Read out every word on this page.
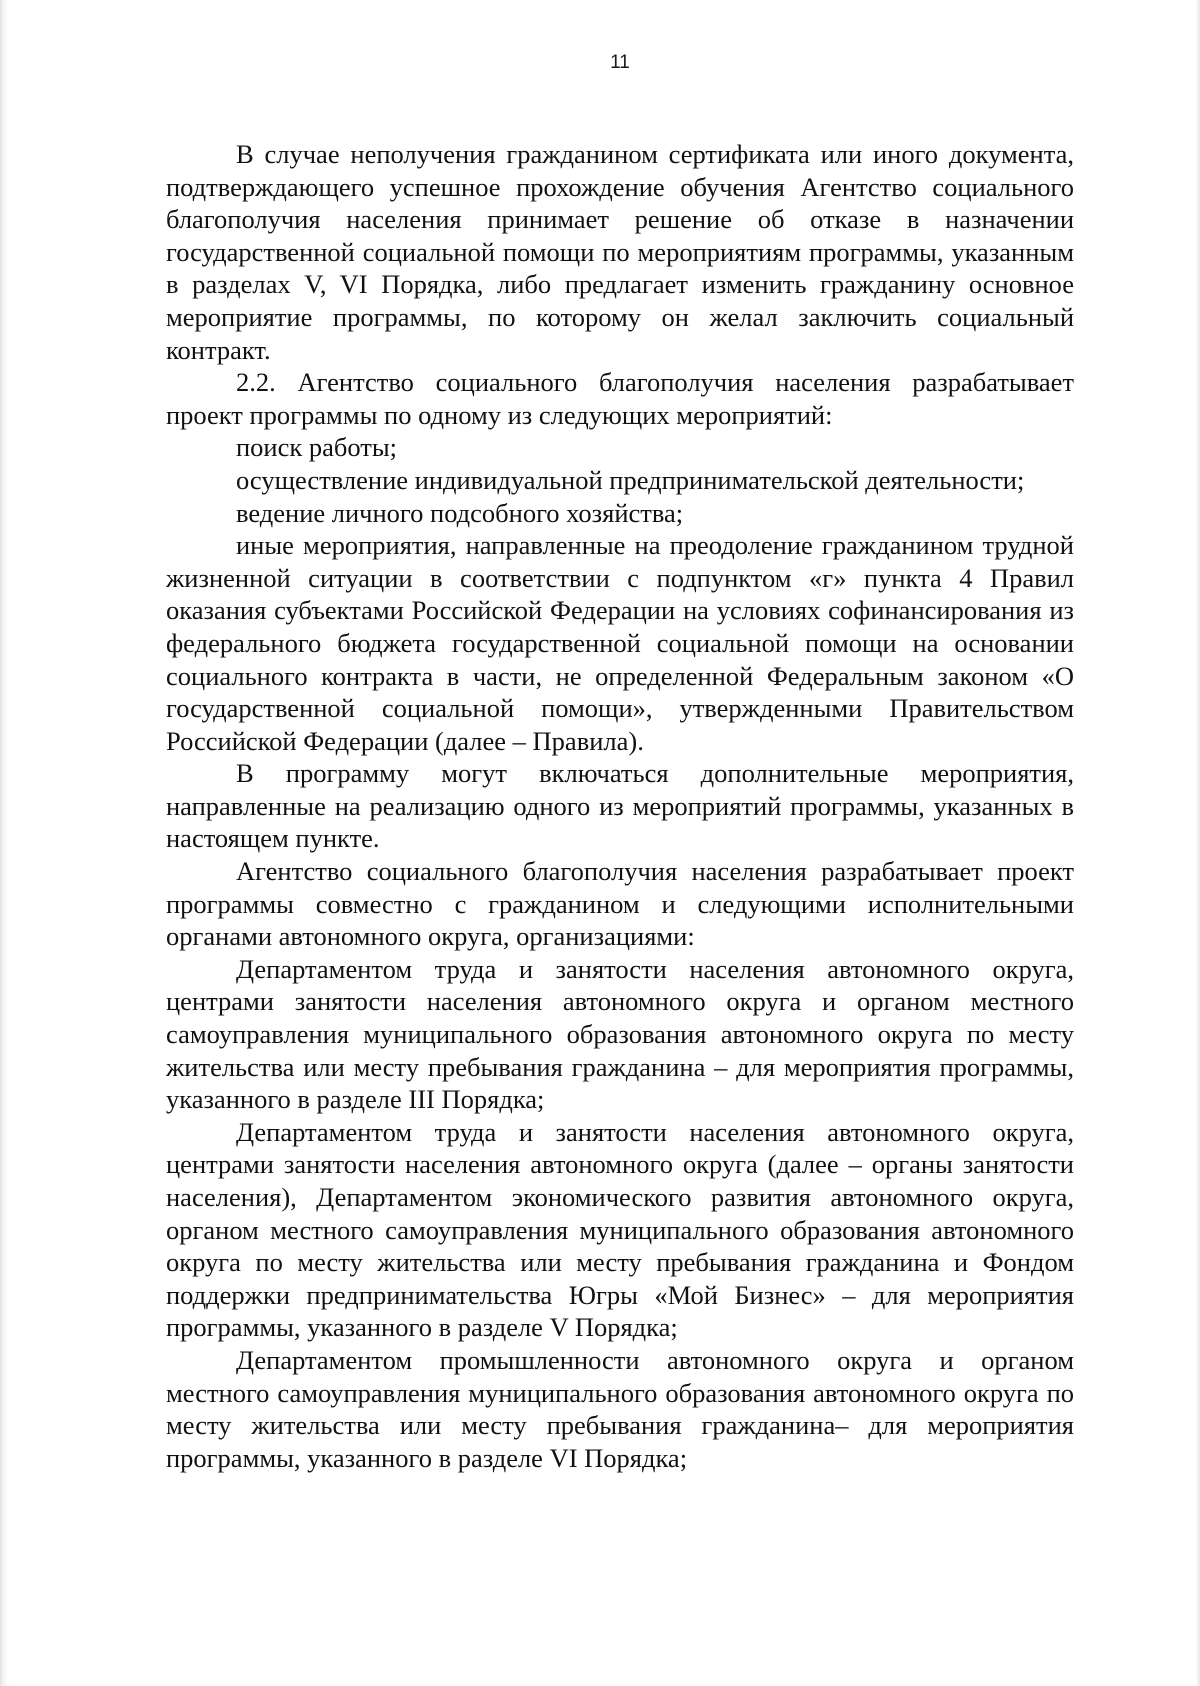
11

В случае неполучения гражданином сертификата или иного документа, подтверждающего успешное прохождение обучения Агентство социального благополучия населения принимает решение об отказе в назначении государственной социальной помощи по мероприятиям программы, указанным в разделах V, VI Порядка, либо предлагает изменить гражданину основное мероприятие программы, по которому он желал заключить социальный контракт.

2.2. Агентство социального благополучия населения разрабатывает проект программы по одному из следующих мероприятий:

поиск работы;

осуществление индивидуальной предпринимательской деятельности;

ведение личного подсобного хозяйства;

иные мероприятия, направленные на преодоление гражданином трудной жизненной ситуации в соответствии с подпунктом «г» пункта 4 Правил оказания субъектами Российской Федерации на условиях софинансирования из федерального бюджета государственной социальной помощи на основании социального контракта в части, не определенной Федеральным законом «О государственной социальной помощи», утвержденными Правительством Российской Федерации (далее – Правила).

В программу могут включаться дополнительные мероприятия, направленные на реализацию одного из мероприятий программы, указанных в настоящем пункте.

Агентство социального благополучия населения разрабатывает проект программы совместно с гражданином и следующими исполнительными органами автономного округа, организациями:

Департаментом труда и занятости населения автономного округа, центрами занятости населения автономного округа и органом местного самоуправления муниципального образования автономного округа по месту жительства или месту пребывания гражданина – для мероприятия программы, указанного в разделе III Порядка;

Департаментом труда и занятости населения автономного округа, центрами занятости населения автономного округа (далее – органы занятости населения), Департаментом экономического развития автономного округа, органом местного самоуправления муниципального образования автономного округа по месту жительства или месту пребывания гражданина и Фондом поддержки предпринимательства Югры «Мой Бизнес» – для мероприятия программы, указанного в разделе V Порядка;

Департаментом промышленности автономного округа и органом местного самоуправления муниципального образования автономного округа по месту жительства или месту пребывания гражданина– для мероприятия программы, указанного в разделе VI Порядка;
